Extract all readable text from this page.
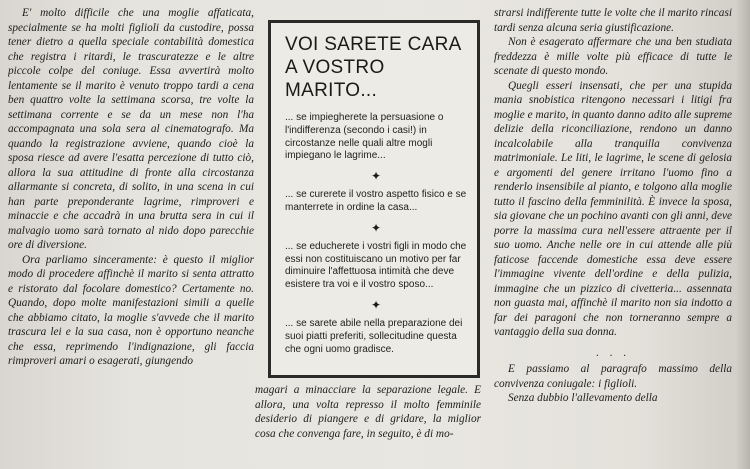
E' molto difficile che una moglie affaticata, specialmente se ha molti figlioli da custodire, possa tener dietro a quella speciale contabilità domestica che registra i ritardi, le trascuratezze e le altre piccole colpe del coniuge. Essa avvertirà molto lentamente se il marito è venuto troppo tardi a cena ben quattro volte la settimana scorsa, tre volte la settimana corrente e se da un mese non l'ha accompagnata una sola sera al cinematografo. Ma quando la registrazione avviene, quando cioè la sposa riesce ad avere l'esatta percezione di tutto ciò, allora la sua attitudine di fronte alla circostanza allarmante si concreta, di solito, in una scena in cui han parte preponderante lagrime, rimproveri e minaccie e che accadrà in una brutta sera in cui il malvagio uomo sarà tornato al nido dopo parecchie ore di diversione.

Ora parliamo sinceramente: è questo il miglior modo di procedere affinchè il marito si senta attratto e ristorato dal focolare domestico? Certamente no. Quando, dopo molte manifestazioni simili a quelle che abbiamo citato, la moglie s'avvede che il marito trascura lei e la sua casa, non è opportuno neanche che essa, reprimendo l'indignazione, gli faccia rimproveri amari o esagerati, giungendo

VOI SARETE CARA A VOSTRO MARITO...
... se impiegherete la persuasione o l'indifferenza (secondo i casi!) in circostanze nelle quali altre mogli impiegano le lagrime...
✦
... se curerete il vostro aspetto fisico e se manterrete in ordine la casa...
✦
... se educherete i vostri figli in modo che essi non costituiscano un motivo per far diminuire l'affettuosa intimità che deve esistere tra voi e il vostro sposo...
✦
... se sarete abile nella preparazione dei suoi piatti preferiti, sollecitudine questa che ogni uomo gradisce.

magari a minacciare la separazione legale. E allora, una volta represso il molto femminile desiderio di piangere e di gridare, la miglior cosa che convenga fare, in seguito, è di mo-

strarsi indifferente tutte le volte che il marito rincasi tardi senza alcuna seria giustificazione.

Non è esagerato affermare che una ben studiata freddezza è mille volte più efficace di tutte le scenate di questo mondo.

Quegli esseri insensati, che per una stupida mania snobistica ritengono necessari i litigi fra moglie e marito, in quanto danno adito alle supreme delizie della riconciliazione, rendono un danno incalcolabile alla tranquilla convivenza matrimoniale. Le liti, le lagrime, le scene di gelosia e argomenti del genere irritano l'uomo fino a renderlo insensibile al pianto, e tolgono alla moglie tutto il fascino della femminilità. È invece la sposa, sia giovane che un pochino avanti con gli anni, deve porre la massima cura nell'essere attraente per il suo uomo. Anche nelle ore in cui attende alle più faticose faccende domestiche essa deve essere l'immagine vivente dell'ordine e della pulizia, immagine che un pizzico di civetteria... assennata non guasta mai, affinchè il marito non sia indotto a far dei paragoni che non torneranno sempre a vantaggio della sua donna.

. . .

E passiamo al paragrafo massimo della convivenza coniugale: i figlioli.

Senza dubbio l'allevamento della
